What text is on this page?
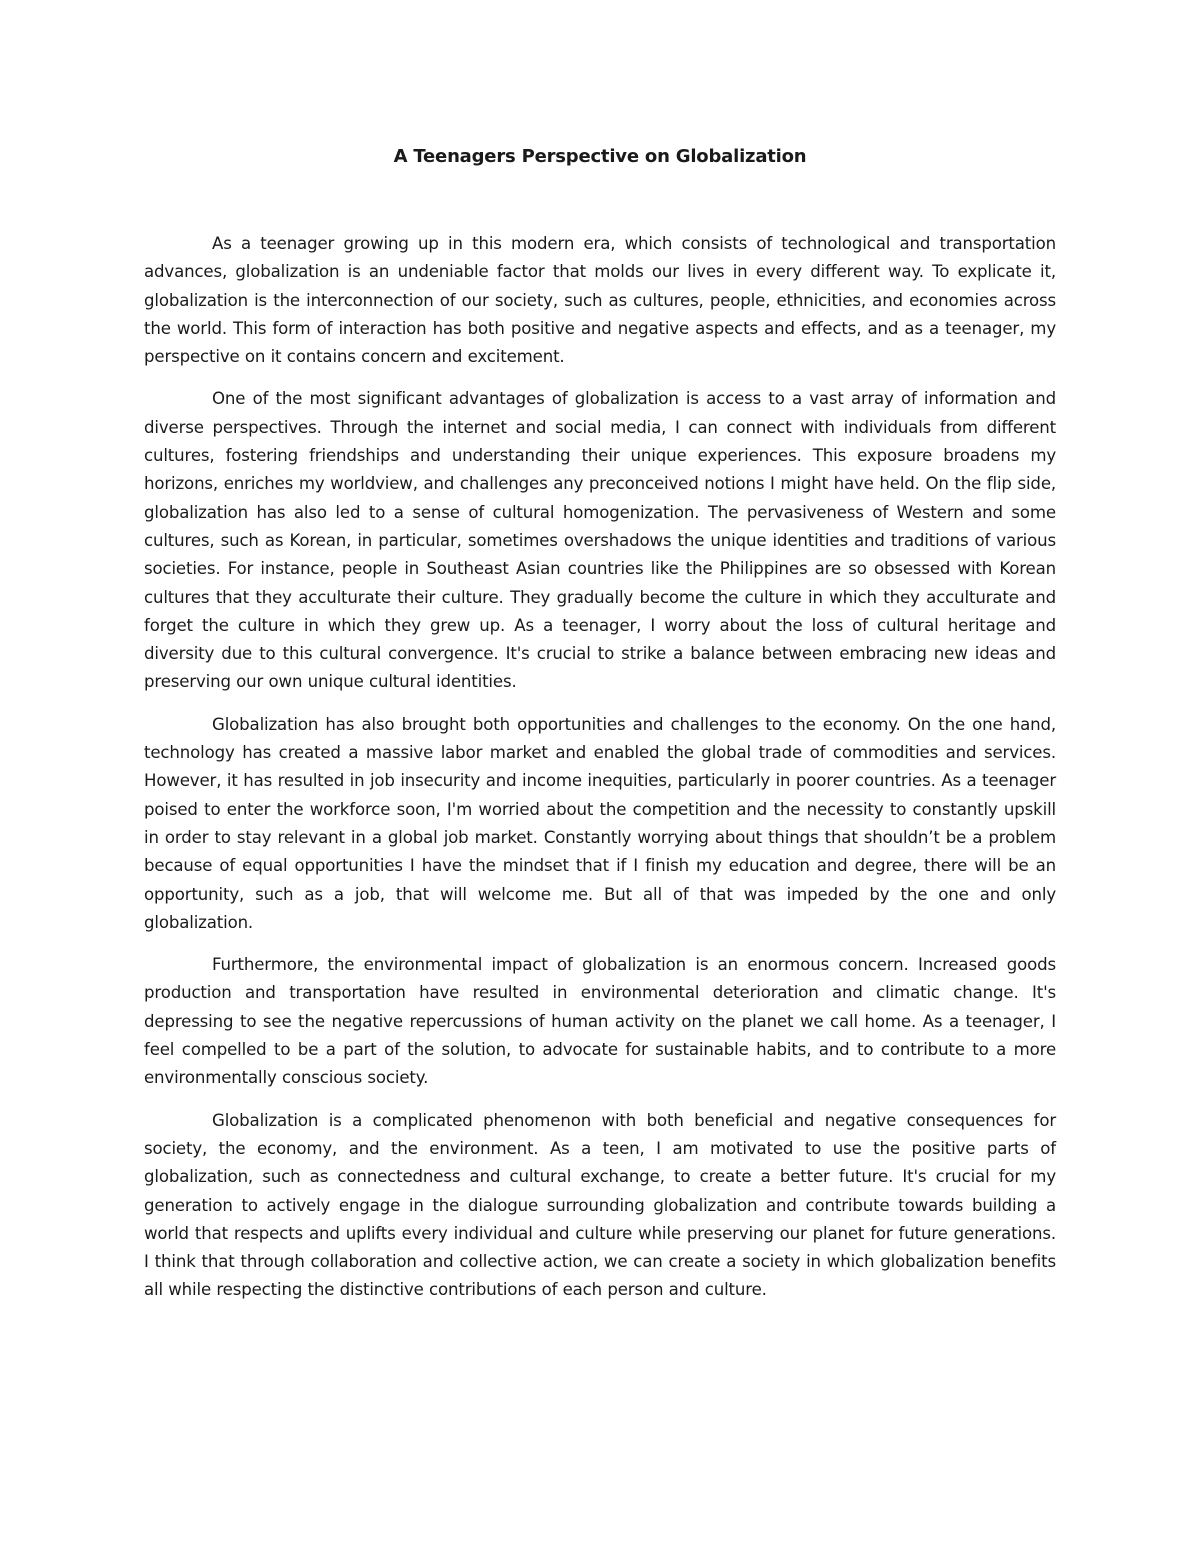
A Teenagers Perspective on Globalization

As a teenager growing up in this modern era, which consists of technological and transportation advances, globalization is an undeniable factor that molds our lives in every different way. To explicate it, globalization is the interconnection of our society, such as cultures, people, ethnicities, and economies across the world. This form of interaction has both positive and negative aspects and effects, and as a teenager, my perspective on it contains concern and excitement.

One of the most significant advantages of globalization is access to a vast array of information and diverse perspectives. Through the internet and social media, I can connect with individuals from different cultures, fostering friendships and understanding their unique experiences. This exposure broadens my horizons, enriches my worldview, and challenges any preconceived notions I might have held. On the flip side, globalization has also led to a sense of cultural homogenization. The pervasiveness of Western and some cultures, such as Korean, in particular, sometimes overshadows the unique identities and traditions of various societies. For instance, people in Southeast Asian countries like the Philippines are so obsessed with Korean cultures that they acculturate their culture. They gradually become the culture in which they acculturate and forget the culture in which they grew up. As a teenager, I worry about the loss of cultural heritage and diversity due to this cultural convergence. It's crucial to strike a balance between embracing new ideas and preserving our own unique cultural identities.

Globalization has also brought both opportunities and challenges to the economy. On the one hand, technology has created a massive labor market and enabled the global trade of commodities and services. However, it has resulted in job insecurity and income inequities, particularly in poorer countries. As a teenager poised to enter the workforce soon, I'm worried about the competition and the necessity to constantly upskill in order to stay relevant in a global job market. Constantly worrying about things that shouldn’t be a problem because of equal opportunities I have the mindset that if I finish my education and degree, there will be an opportunity, such as a job, that will welcome me. But all of that was impeded by the one and only globalization.

Furthermore, the environmental impact of globalization is an enormous concern. Increased goods production and transportation have resulted in environmental deterioration and climatic change. It's depressing to see the negative repercussions of human activity on the planet we call home. As a teenager, I feel compelled to be a part of the solution, to advocate for sustainable habits, and to contribute to a more environmentally conscious society.

Globalization is a complicated phenomenon with both beneficial and negative consequences for society, the economy, and the environment. As a teen, I am motivated to use the positive parts of globalization, such as connectedness and cultural exchange, to create a better future. It's crucial for my generation to actively engage in the dialogue surrounding globalization and contribute towards building a world that respects and uplifts every individual and culture while preserving our planet for future generations. I think that through collaboration and collective action, we can create a society in which globalization benefits all while respecting the distinctive contributions of each person and culture.
